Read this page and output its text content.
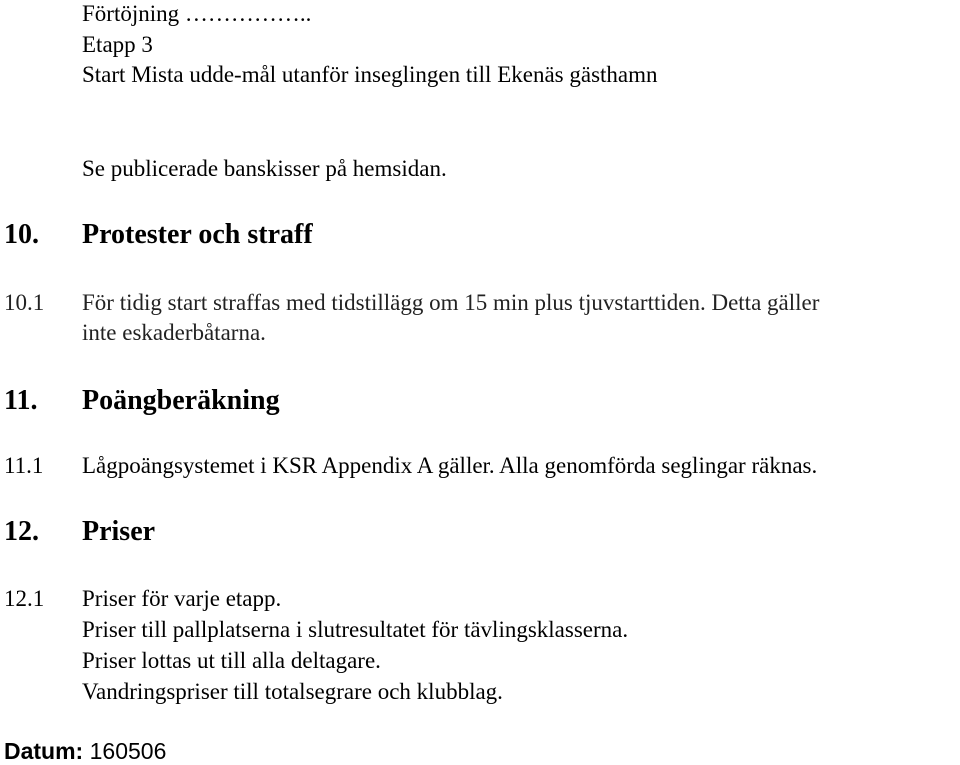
Förtöjning ……………..
Etapp 3
Start Mista udde-mål utanför inseglingen till Ekenäs gästhamn
Se publicerade banskisser på hemsidan.
10. Protester och straff
10.1 För tidig start straffas med tidstillägg om 15 min plus tjuvstarttiden. Detta gäller
inte eskaderbåtarna.
11. Poängberäkning
11.1 Lågpoängsystemet i KSR Appendix A gäller. Alla genomförda seglingar räknas.
12. Priser
12.1 Priser för varje etapp.
Priser till pallplatserna i slutresultatet för tävlingsklasserna.
Priser lottas ut till alla deltagare.
Vandringspriser till totalsegrare och klubblag.
Datum: 160506
